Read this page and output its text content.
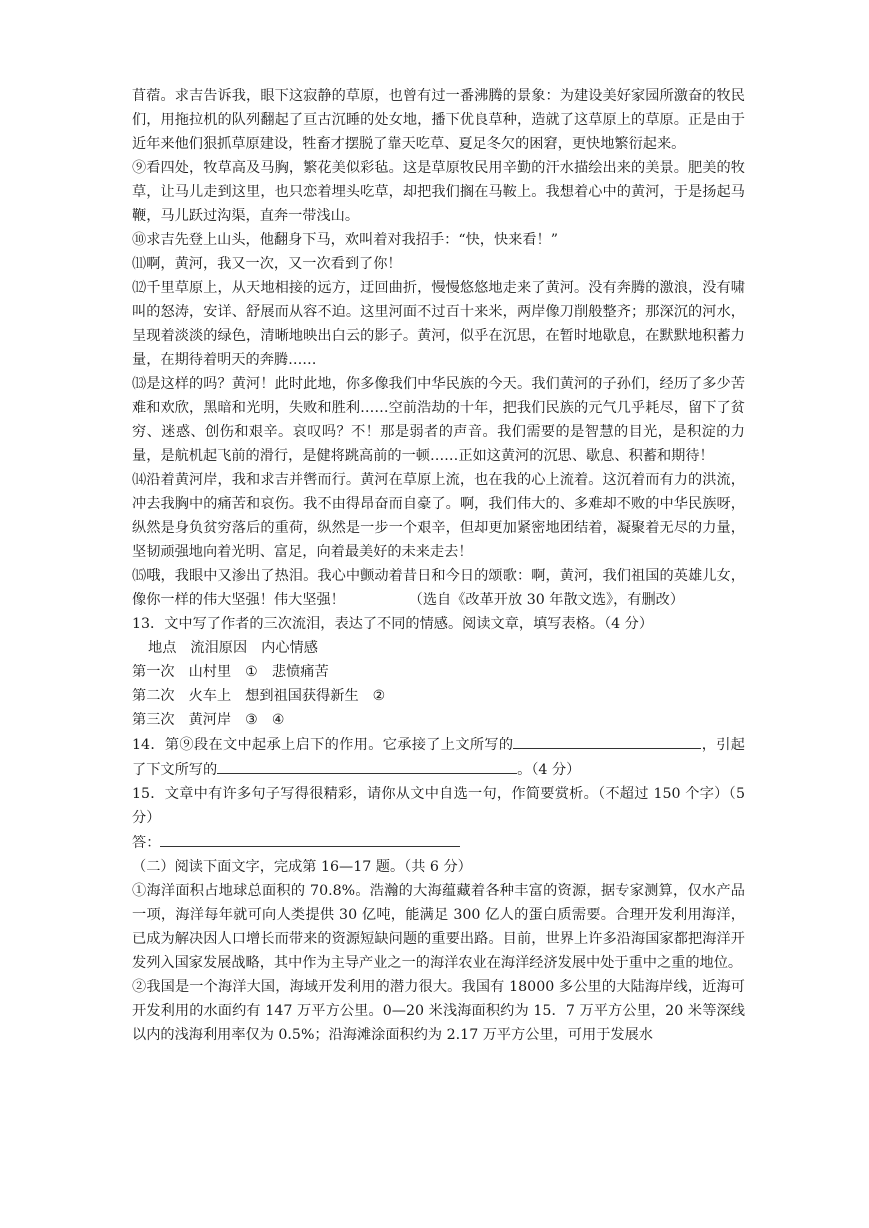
苜蓿。求吉告诉我，眼下这寂静的草原，也曾有过一番沸腾的景象：为建设美好家园所激奋的牧民们，用拖拉机的队列翻起了亘古沉睡的处女地，播下优良草种，造就了这草原上的草原。正是由于近年来他们狠抓草原建设，牲畜才摆脱了靠天吃草、夏足冬欠的困窘，更快地繁衍起来。

⑨看四处，牧草高及马胸，繁花美似彩毡。这是草原牧民用辛勤的汗水描绘出来的美景。肥美的牧草，让马儿走到这里，也只恋着埋头吃草，却把我们搁在马鞍上。我想着心中的黄河，于是扬起马鞭，马儿跃过沟渠，直奔一带浅山。

⑩求吉先登上山头，他翻身下马，欢叫着对我招手：“快，快来看！”

⑾啊，黄河，我又一次，又一次看到了你！

⑿千里草原上，从天地相接的远方，迂回曲折，慢慢悠悠地走来了黄河。没有奔腾的激浪，没有啸叫的怒涛，安详、舒展而从容不迫。这里河面不过百十来米，两岸像刀削般整齐；那深沉的河水，呈现着淡淡的绿色，清晰地映出白云的影子。黄河，似乎在沉思，在暂时地歇息，在默默地积蓄力量，在期待着明天的奔腾……

⒀是这样的吗？黄河！此时此地，你多像我们中华民族的今天。我们黄河的子孙们，经历了多少苦难和欢欣，黑暗和光明，失败和胜利……空前浩劫的十年，把我们民族的元气几乎耗尽，留下了贫穷、迷惑、创伤和艰辛。哀叹吗？不！那是弱者的声音。我们需要的是智慧的目光，是积淀的力量，是航机起飞前的滑行，是健将跳高前的一顿……正如这黄河的沉思、歇息、积蓄和期待！

⒁沿着黄河岸，我和求吉并辔而行。黄河在草原上流，也在我的心上流着。这沉着而有力的洪流，冲去我胸中的痛苦和哀伤。我不由得昂奋而自豪了。啊，我们伟大的、多难却不败的中华民族呀，纵然是身负贫穷落后的重荷，纵然是一步一个艰辛，但却更加紧密地团结着，凝聚着无尽的力量，坚韧顽强地向着光明、富足，向着最美好的未来走去！

⒂哦，我眼中又渗出了热泪。我心中颤动着昔日和今日的颂歌：啊，黄河，我们祖国的英雄儿女，像你一样的伟大坚强！伟大坚强！　　　　　	（选自《改革开放 30 年散文选》，有删改）

13．文中写了作者的三次流泪，表达了不同的情感。阅读文章，填写表格。（4 分）

地点 流泪原因 内心情感
第一次 山村里 ① 悲愤痛苦
第二次 火车上 想到祖国获得新生 ②
第三次 黄河岸 ③ ④

14．第⑨段在文中起承上启下的作用。它承接了上文所写的	，引起了下文所写的	。（4 分）

15．文章中有许多句子写得很精彩，请你从文中自选一句，作简要赏析。（不超过 150 个字）（5 分）

答：

（二）阅读下面文字，完成第 16—17 题。（共 6 分）

①海洋面积占地球总面积的 70.8%。浩瀚的大海蕴藏着各种丰富的资源，据专家测算，仅水产品一项，海洋每年就可向人类提供 30 亿吨，能满足 300 亿人的蛋白质需要。合理开发利用海洋，已成为解决因人口增长而带来的资源短缺问题的重要出路。目前，世界上许多沿海国家都把海洋开发列入国家发展战略，其中作为主导产业之一的海洋农业在海洋经济发展中处于重中之重的地位。

②我国是一个海洋大国，海域开发利用的潜力很大。我国有 18000 多公里的大陆海岸线，近海可开发利用的水面约有 147 万平方公里。0—20 米浅海面积约为 15．7 万平方公里，20 米等深线以内的浅海利用率仅为 0.5%；沿海滩涂面积约为 2.17 万平方公里，可用于发展水
